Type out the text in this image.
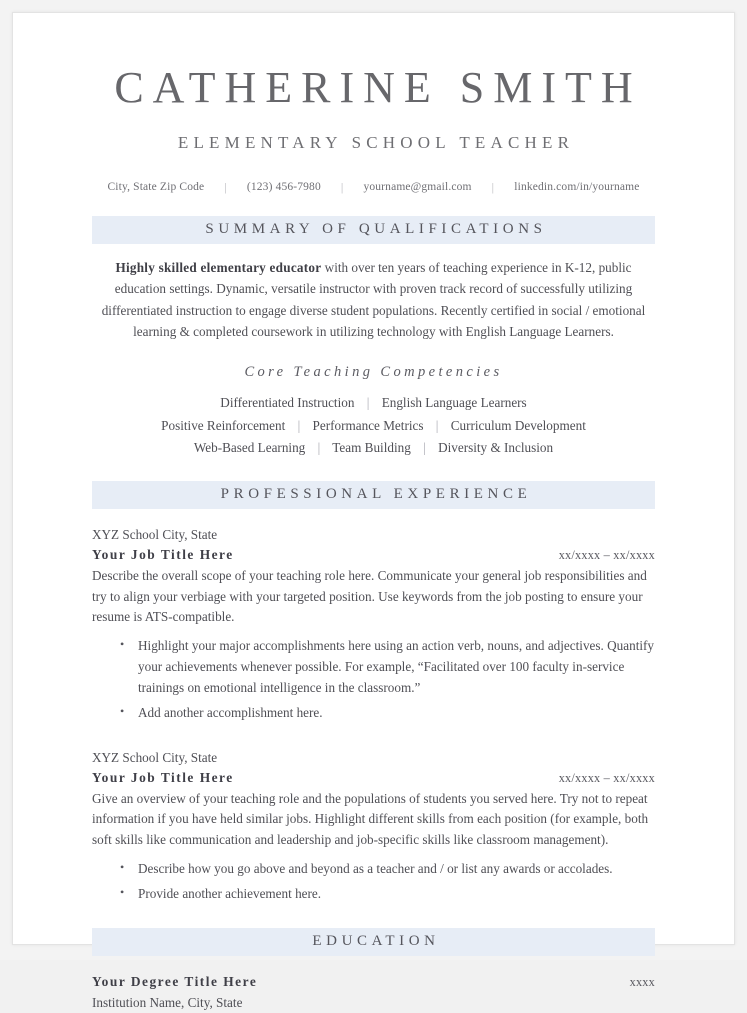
CATHERINE SMITH
ELEMENTARY SCHOOL TEACHER
City, State Zip Code | (123) 456-7980 | yourname@gmail.com | linkedin.com/in/yourname
SUMMARY OF QUALIFICATIONS

Highly skilled elementary educator with over ten years of teaching experience in K-12, public education settings. Dynamic, versatile instructor with proven track record of successfully utilizing differentiated instruction to engage diverse student populations. Recently certified in social / emotional learning & completed coursework in utilizing technology with English Language Learners.

Core Teaching Competencies
Differentiated Instruction | English Language Learners
Positive Reinforcement | Performance Metrics | Curriculum Development
Web-Based Learning | Team Building | Diversity & Inclusion
PROFESSIONAL EXPERIENCE
XYZ School City, State
Your Job Title Here	xx/xxxx – xx/xxxx
Describe the overall scope of your teaching role here. Communicate your general job responsibilities and try to align your verbiage with your targeted position. Use keywords from the job posting to ensure your resume is ATS-compatible.
• Highlight your major accomplishments here using an action verb, nouns, and adjectives. Quantify your achievements whenever possible. For example, “Facilitated over 100 faculty in-service trainings on emotional intelligence in the classroom.”
• Add another accomplishment here.
XYZ School City, State
Your Job Title Here	xx/xxxx – xx/xxxx
Give an overview of your teaching role and the populations of students you served here. Try not to repeat information if you have held similar jobs. Highlight different skills from each position (for example, both soft skills like communication and leadership and job-specific skills like classroom management).
• Describe how you go above and beyond as a teacher and / or list any awards or accolades.
• Provide another achievement here.
EDUCATION
Your Degree Title Here	xxxx
Institution Name, City, State
